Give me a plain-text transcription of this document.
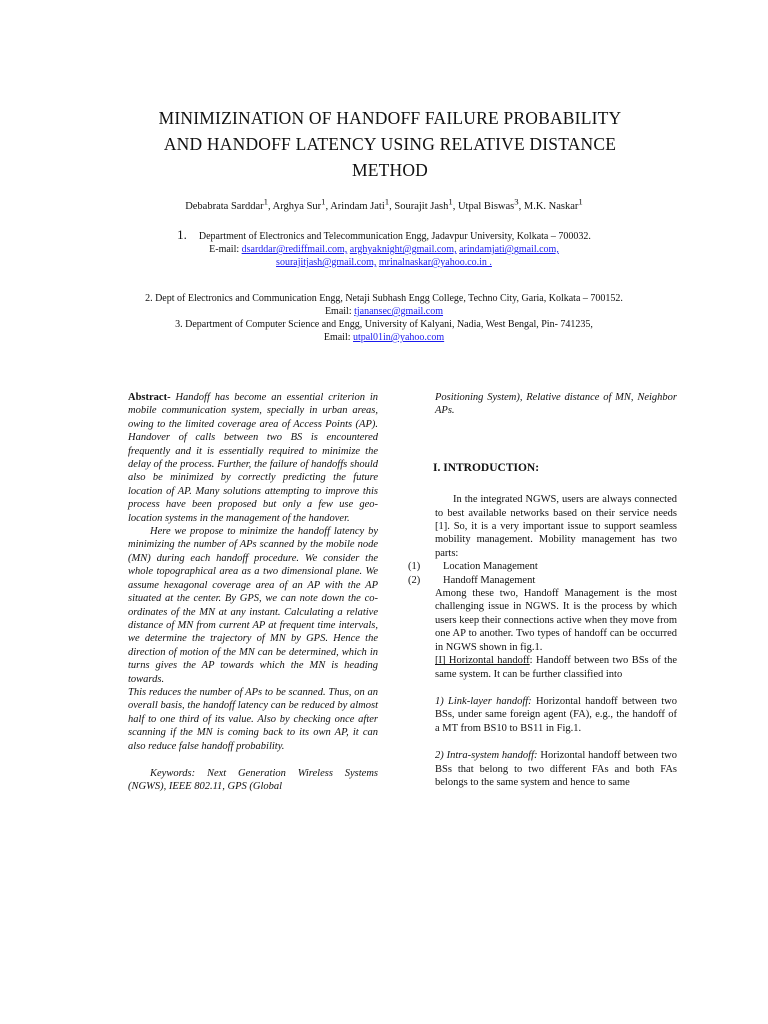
MINIMIZINATION OF HANDOFF FAILURE PROBABILITY
AND HANDOFF LATENCY USING RELATIVE DISTANCE
METHOD
Debabrata Sarddar$^1$, Arghya Sur$^1$, Arindam Jati$^1$, Sourajit Jash$^1$, Utpal Biswas$^3$, M.K. Naskar$^1$
1. Department of Electronics and Telecommunication Engg, Jadavpur University, Kolkata – 700032.
E-mail: dsarddar@rediffmail.com, arghyaknight@gmail.com, arindamjati@gmail.com,
sourajitjash@gmail.com, mrinalnaskar@yahoo.co.in .
2. Dept of Electronics and Communication Engg, Netaji Subhash Engg College, Techno City, Garia, Kolkata – 700152.
Email: tjanansec@gmail.com
3. Department of Computer Science and Engg, University of Kalyani, Nadia, West Bengal, Pin- 741235,
Email: utpal01in@yahoo.com

Abstract- Handoff has become an essential criterion in mobile communication system, specially in urban areas, owing to the limited coverage area of Access Points (AP). Handover of calls between two BS is encountered frequently and it is essentially required to minimize the delay of the process. Further, the failure of handoffs should also be minimized by correctly predicting the future location of AP. Many solutions attempting to improve this process have been proposed but only a few use geo-location systems in the management of the handover.

Here we propose to minimize the handoff latency by minimizing the number of APs scanned by the mobile node (MN) during each handoff procedure. We consider the whole topographical area as a two dimensional plane. We assume hexagonal coverage area of an AP with the AP situated at the center. By GPS, we can note down the co-ordinates of the MN at any instant. Calculating a relative distance of MN from current AP at frequent time intervals, we determine the trajectory of MN by GPS. Hence the direction of motion of the MN can be determined, which in turns gives the AP towards which the MN is heading towards.

This reduces the number of APs to be scanned. Thus, on an overall basis, the handoff latency can be reduced by almost half to one third of its value. Also by checking once after scanning if the MN is coming back to its own AP, it can also reduce false handoff probability.

Keywords: Next Generation Wireless Systems (NGWS), IEEE 802.11, GPS (Global

Positioning System), Relative distance of MN, Neighbor APs.

I. INTRODUCTION:

In the integrated NGWS, users are always connected to best available networks based on their service needs [1]. So, it is a very important issue to support seamless mobility management. Mobility management has two parts:

(1)	Location Management
(2)	Handoff Management

Among these two, Handoff Management is the most challenging issue in NGWS. It is the process by which users keep their connections active when they move from one AP to another. Two types of handoff can be occurred in NGWS shown in fig.1.

[I] Horizontal handoff: Handoff between two BSs of the same system. It can be further classified into

1) Link-layer handoff: Horizontal handoff between two BSs, under same foreign agent (FA), e.g., the handoff of a MT from BS10 to BS11 in Fig.1.

2) Intra-system handoff: Horizontal handoff between two BSs that belong to two different FAs and both FAs belongs to the same system and hence to same
